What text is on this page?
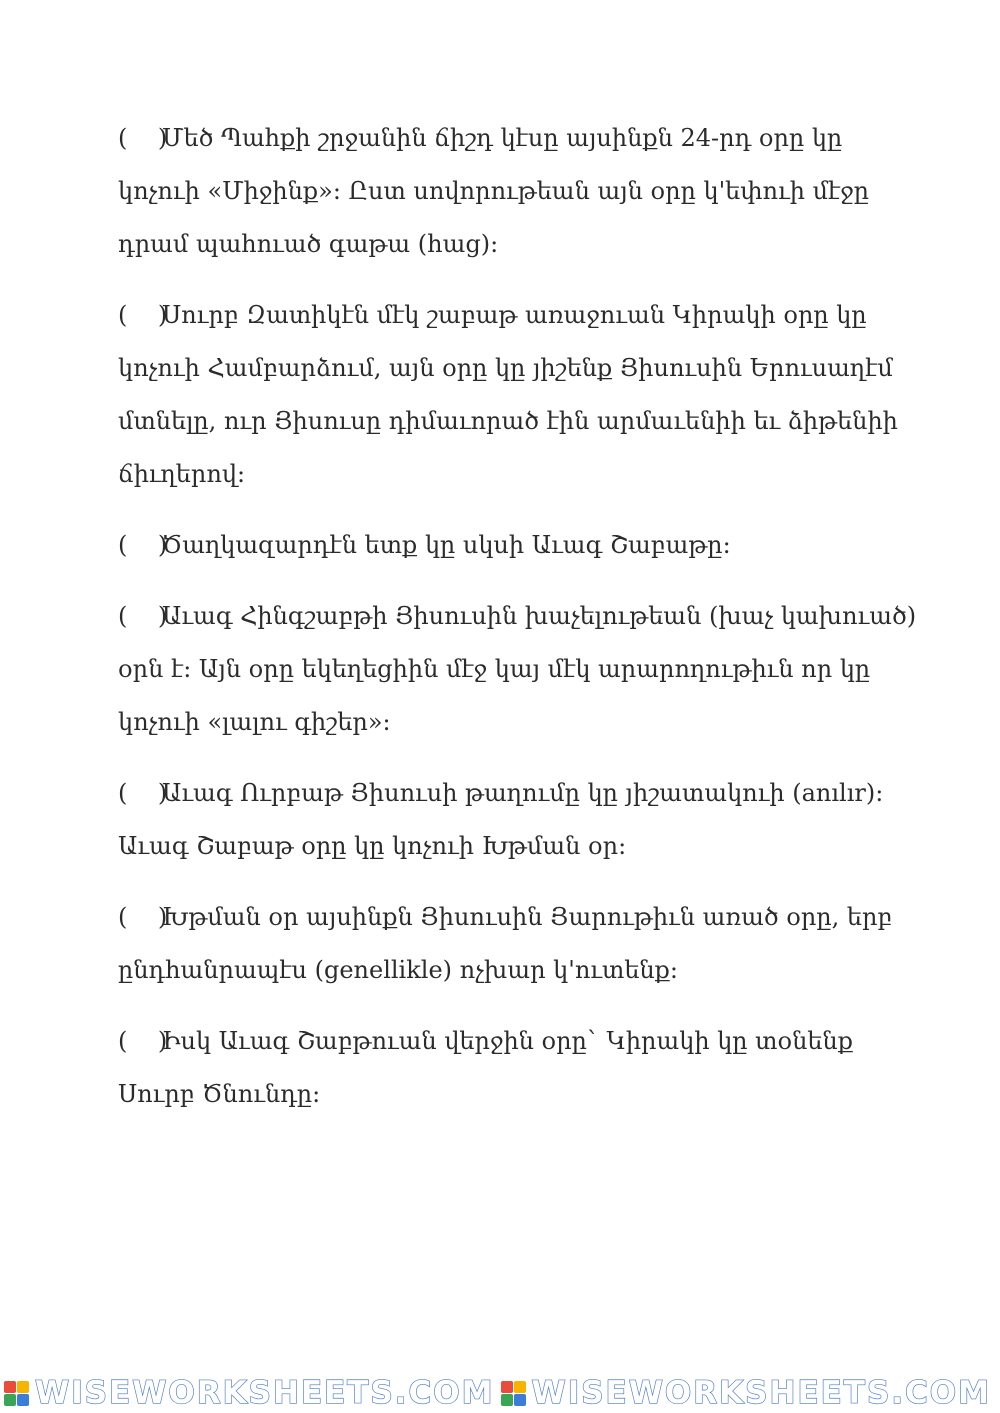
(    )Մեծ Պահքի շրջանին ճիշդ կէսը այսինքն 24-րդ օրը կը
կոչուի «Միջինք»: Ըստ սովորութեան այն օրը կ'եփուի մէջը
դրամ պահուած գաթա (hաց):
(    )Սուրբ Զատիկէն մէկ շաբաթ առաջուան Կիրակի օրը կը
կոչուի Համբարձում, այն օրը կը յիշենք Յիսուսին Երուսաղէմ
մտնելը, ուր Յիսուսը դիմաւորած էին արմաւենիի եւ ձիթենիի
ճիւղերով:
(    )Ծաղկազարդէն ետք կը սկսի Աւագ Շաբաթը:
(    )Աւագ Հինգշաբթի Յիսուսին խաչելութեան (խաչ կախուած)
օրն է: Այն օրը եկեղեցիին մէջ կայ մէկ արարողութիւն որ կը
կոչուի «լալու գիշեր»:
(    )Աւագ Ուրբաթ Յիսուսի թաղումը կը յիշատակուի (anılır):
Աւագ Շաբաթ օրը կը կոչուի Խթման օր:
(    )Խթման օր այսինքն Յիսուսին Յարութիւն առած օրը, երբ
ընդհանրապէս (genellikle) ոչխար կ'ուտենք:
(    )Իսկ Աւագ Շաբթուան վերջին օրը` Կիրակի կը տօնենք
Սուրբ Ծնունդը:
WISEWORKSHEETS.COM WISEWORKSHEETS.COM
